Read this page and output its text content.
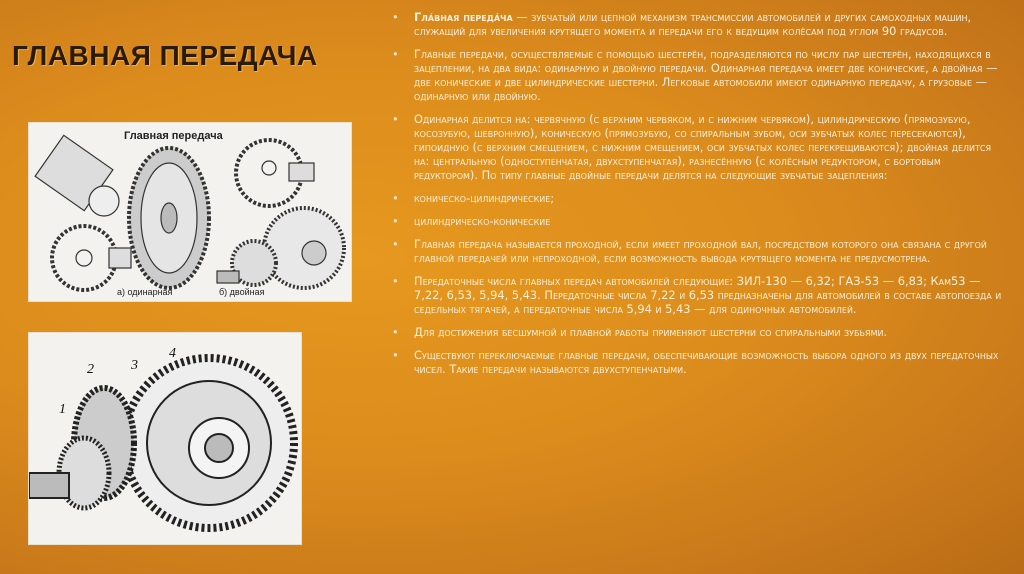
ГЛАВНАЯ ПЕРЕДАЧА
Главная передача
а) одинарная	б) двойная
1
2	3
4
• Гла́вная переда́ча — зубчатый или цепной механизм трансмиссии автомобилей и других самоходных машин, служащий для увеличения крутящего момента и передачи его к ведущим колёсам под углом 90 градусов.
• Главные передачи, осуществляемые с помощью шестерён, подразделяются по числу пар шестерён, находящихся в зацеплении, на два вида: одинарную и двойную передачи. Одинарная передача имеет две конические, а двойная — две конические и две цилиндрические шестерни. Легковые автомобили имеют одинарную передачу, а грузовые — одинарную или двойную.
• Одинарная делится на: червячную (с верхним червяком, и с нижним червяком), цилиндрическую (прямозубую, косозубую, шевронную), коническую (прямозубую, со спиральным зубом, оси зубчатых колес пересекаются), гипоидную (с верхним смещением, с нижним смещением, оси зубчатых колес перекрещиваются); двойная делится на: центральную (одноступенчатая, двухступенчатая), разнесённую (с колёсным редуктором, с бортовым редуктором). По типу главные двойные передачи делятся на следующие зубчатые зацепления:
• коническо-цилиндрические;
• цилиндрическо-конические
• Главная передача называется проходной, если имеет проходной вал, посредством которого она связана с другой главной передачей или непроходной, если возможность вывода крутящего момента не предусмотрена.
• Передаточные числа главных передач автомобилей следующие: ЗИЛ-130 — 6,32; ГАЗ-53 — 6,83; Кам53 — 7,22, 6,53, 5,94, 5,43. Передаточные числа 7,22 и 6,53 предназначены для автомобилей в составе автопоезда и седельных тягачей, а передаточные числа 5,94 и 5,43 — для одиночных автомобилей.
• Для достижения бесшумной и плавной работы применяют шестерни со спиральными зубьями.
• Существуют переключаемые главные передачи, обеспечивающие возможность выбора одного из двух передаточных чисел. Такие передачи называются двухступенчатыми.
